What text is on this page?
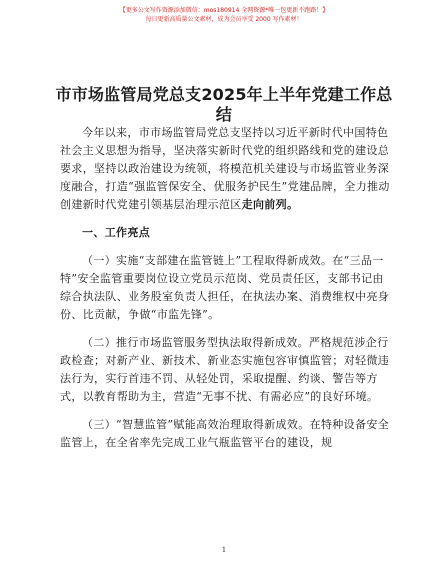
【更多公文写作资源添加微信：mos180914 全网资源*唯一包更新不跑路！】
每日更新高质量公文素材，成为会员享受 2000 写作素材！
市市场监管局党总支2025年上半年党建工作总结

今年以来，市市场监管局党总支坚持以习近平新时代中国特色社会主义思想为指导，坚决落实新时代党的组织路线和党的建设总要求，坚持以政治建设为统领，将模范机关建设与市场监管业务深度融合，打造“强监管保安全、优服务护民生”党建品牌，全力推动创建新时代党建引领基层治理示范区走向前列。

一、工作亮点

（一）实施“支部建在监管链上”工程取得新成效。在“三品一特”安全监管重要岗位设立党员示范岗、党员责任区，支部书记由综合执法队、业务股室负责人担任，在执法办案、消费维权中亮身份、比贡献，争做“市监先锋”。

（二）推行市场监管服务型执法取得新成效。严格规范涉企行政检查；对新产业、新技术、新业态实施包容审慎监管；对轻微违法行为，实行首违不罚、从轻处罚，采取提醒、约谈、警告等方式，以教育帮助为主，营造“无事不扰、有需必应”的良好环境。

（三）“智慧监管”赋能高效治理取得新成效。在特种设备安全监管上，在全省率先完成工业气瓶监管平台的建设，规

1
